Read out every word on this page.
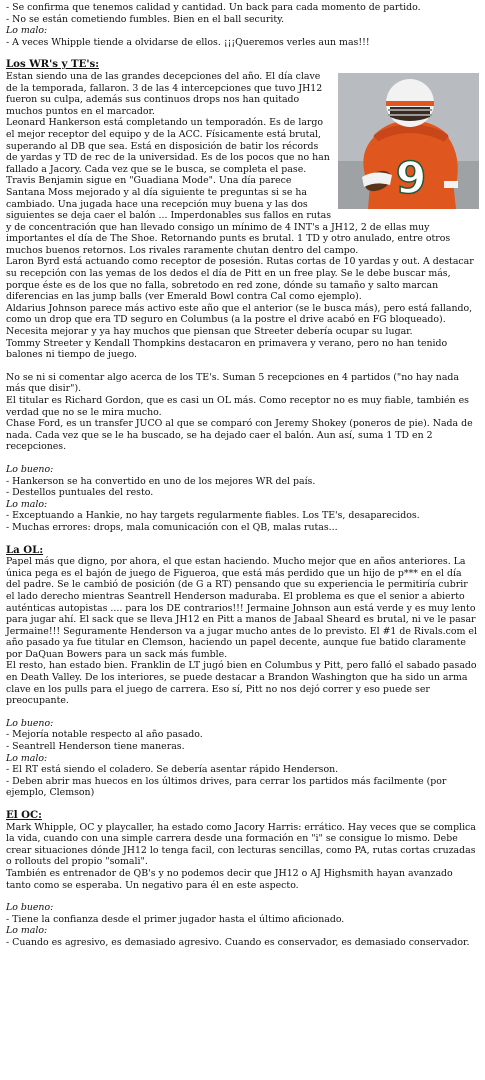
- Se confirma que tenemos calidad y cantidad. Un back para cada momento de partido.

- No se están cometiendo fumbles. Bien en el ball security.

Lo malo:

- A veces Whipple tiende a olvidarse de ellos. ¡¡¡Queremos verles aun mas!!!

Los WR's y TE's:

9

Estan siendo una de las grandes decepciones del año. El día clave de la temporada, fallaron. 3 de las 4 intercepciones que tuvo JH12 fueron su culpa, además sus continuos drops nos han quitado muchos puntos en el marcador.

Leonard Hankerson está completando un temporadón. Es de largo el mejor receptor del equipo y de la ACC. Físicamente está brutal, superando al DB que sea. Está en disposición de batir los récords de yardas y TD de rec de la universidad. Es de los pocos que no han fallado a Jacory. Cada vez que se le busca, se completa el pase.

Travis Benjamin sigue en "Guadiana Mode". Una día parece Santana Moss mejorado y al día siguiente te preguntas si se ha cambiado. Una jugada hace una recepción muy buena y las dos siguientes se deja caer el balón ... Imperdonables sus fallos en rutas y de concentración que han llevado consigo un mínimo de 4 INT's a JH12, 2 de ellas muy importantes el día de The Shoe. Retornando punts es brutal. 1 TD y otro anulado, entre otros muchos buenos retornos. Los rivales raramente chutan dentro del campo.

Laron Byrd está actuando como receptor de posesión. Rutas cortas de 10 yardas y out. A destacar su recepción con las yemas de los dedos el día de Pitt en un free play. Se le debe buscar más, porque éste es de los que no falla, sobretodo en red zone, dónde su tamaño y salto marcan diferencias en las jump balls (ver Emerald Bowl contra Cal como ejemplo).

Aldarius Johnson parece más activo este año que el anterior (se le busca más), pero está fallando, como un drop que era TD seguro en Columbus (a la postre el drive acabó en FG bloqueado). Necesita mejorar y ya hay muchos que piensan que Streeter debería ocupar su lugar.

Tommy Streeter y Kendall Thompkins destacaron en primavera y verano, pero no han tenido balones ni tiempo de juego.

No se ni si comentar algo acerca de los TE's. Suman 5 recepciones en 4 partidos ("no hay nada más que disir").

El titular es Richard Gordon, que es casi un OL más. Como receptor no es muy fiable, también es verdad que no se le mira mucho.

Chase Ford, es un transfer JUCO al que se comparó con Jeremy Shokey (poneros de pie). Nada de nada. Cada vez que se le ha buscado, se ha dejado caer el balón. Aun así, suma 1 TD en 2 recepciones.

Lo bueno:

- Hankerson se ha convertido en uno de los mejores WR del país.

- Destellos puntuales del resto.

Lo malo:

- Exceptuando a Hankie, no hay targets regularmente fiables. Los TE's, desaparecidos.

- Muchas errores: drops, mala comunicación con el QB, malas rutas...

La OL:

Papel más que digno, por ahora, el que estan haciendo. Mucho mejor que en años anteriores. La única pega es el bajón de juego de Figueroa, que está más perdido que un hijo de p*** en el día del padre. Se le cambió de posición (de G a RT) pensando que su experiencia le permitiría cubrir el lado derecho mientras Seantrell Henderson maduraba. El problema es que el senior a abierto auténticas autopistas .... para los DE contrarios!!! Jermaine Johnson aun está verde y es muy lento para jugar ahí. El sack que se lleva JH12 en Pitt a manos de Jabaal Sheard es brutal, ni ve le pasar Jermaine!!! Seguramente Henderson va a jugar mucho antes de lo previsto. El #1 de Rivals.com el año pasado ya fue titular en Clemson, haciendo un papel decente, aunque fue batido claramente por DaQuan Bowers para un sack más fumble.

El resto, han estado bien. Franklin de LT jugó bien en Columbus y Pitt, pero falló el sabado pasado en Death Valley. De los interiores, se puede destacar a Brandon Washington que ha sido un arma clave en los pulls para el juego de carrera. Eso sí, Pitt no nos dejó correr y eso puede ser preocupante.

Lo bueno:

- Mejoría notable respecto al año pasado.

- Seantrell Henderson tiene maneras.

Lo malo:

- El RT está siendo el coladero. Se debería asentar rápido Henderson.

- Deben abrir mas huecos en los últimos drives, para cerrar los partidos más facilmente (por ejemplo, Clemson)

El OC:

Mark Whipple, OC y playcaller, ha estado como Jacory Harris: errático. Hay veces que se complica la vida, cuando con una simple carrera desde una formación en "i" se consigue lo mismo. Debe crear situaciones dónde JH12 lo tenga facil, con lecturas sencillas, como PA, rutas cortas cruzadas o rollouts del propio "somali".

También es entrenador de QB's y no podemos decir que JH12 o AJ Highsmith hayan avanzado tanto como se esperaba. Un negativo para él en este aspecto.

Lo bueno:

- Tiene la confianza desde el primer jugador hasta el último aficionado.

Lo malo:

- Cuando es agresivo, es demasiado agresivo. Cuando es conservador, es demasiado conservador.
